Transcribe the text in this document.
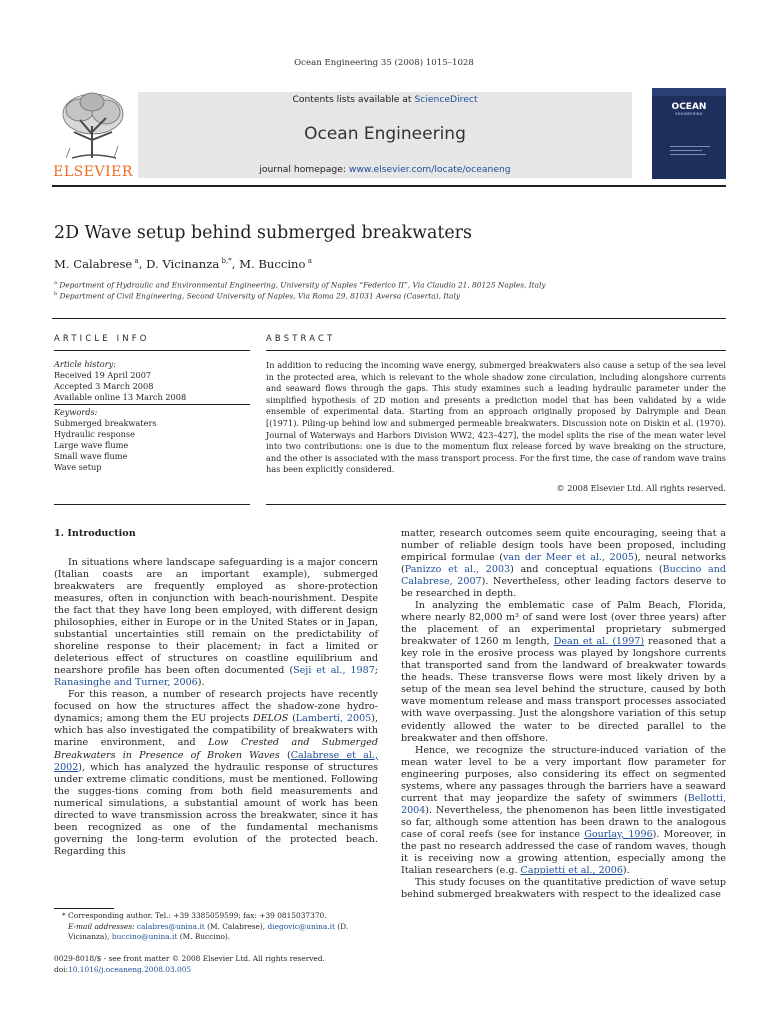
Ocean Engineering 35 (2008) 1015–1028
ELSEVIER
Contents lists available at ScienceDirect
Ocean Engineering
journal homepage: www.elsevier.com/locate/oceaneng
OCEAN
ENGINEERING
2D Wave setup behind submerged breakwaters
M. Calabrese $^a$, D. Vicinanza $^{b,*}$, M. Buccino $^a$
$^a$ Department of Hydraulic and Environmental Engineering, University of Naples “Federico II”, Via Claudio 21, 80125 Naples, Italy
$^b$ Department of Civil Engineering, Second University of Naples, Via Roma 29, 81031 Aversa (Caserta), Italy
ARTICLE INFO
Article history:
Received 19 April 2007
Accepted 3 March 2008
Available online 13 March 2008
Keywords:
Submerged breakwaters
Hydraulic response
Large wave flume
Small wave flume
Wave setup
ABSTRACT
In addition to reducing the incoming wave energy, submerged breakwaters also cause a setup of the sea level in the protected area, which is relevant to the whole shadow zone circulation, including alongshore currents and seaward flows through the gaps. This study examines such a leading hydraulic parameter under the simplified hypothesis of 2D motion and presents a prediction model that has been validated by a wide ensemble of experimental data. Starting from an approach originally proposed by Dalrymple and Dean [(1971). Piling-up behind low and submerged permeable breakwaters. Discussion note on Diskin et al. (1970). Journal of Waterways and Harbors Division WW2, 423–427], the model splits the rise of the mean water level into two contributions: one is due to the momentum flux release forced by wave breaking on the structure, and the other is associated with the mass transport process. For the first time, the case of random wave trains has been explicitly considered.
© 2008 Elsevier Ltd. All rights reserved.
1. Introduction

In situations where landscape safeguarding is a major concern (Italian coasts are an important example), submerged breakwaters are frequently employed as shore-protection measures, often in conjunction with beach-nourishment. Despite the fact that they have long been employed, with different design philosophies, either in Europe or in the United States or in Japan, substantial uncertainties still remain on the predictability of shoreline response to their placement; in fact a limited or deleterious effect of structures on coastline equilibrium and nearshore profile has been often documented (Seji et al., 1987; Ranasinghe and Turner, 2006).

For this reason, a number of research projects have recently focused on how the structures affect the shadow-zone hydro-dynamics; among them the EU projects DELOS (Lamberti, 2005), which has also investigated the compatibility of breakwaters with marine environment, and Low Crested and Submerged Breakwaters in Presence of Broken Waves (Calabrese et al., 2002), which has analyzed the hydraulic response of structures under extreme climatic conditions, must be mentioned. Following the sugges-tions coming from both field measurements and numerical simulations, a substantial amount of work has been directed to wave transmission across the breakwater, since it has been recognized as one of the fundamental mechanisms governing the long-term evolution of the protected beach. Regarding this

matter, research outcomes seem quite encouraging, seeing that a number of reliable design tools have been proposed, including empirical formulae (van der Meer et al., 2005), neural networks (Panizzo et al., 2003) and conceptual equations (Buccino and Calabrese, 2007). Nevertheless, other leading factors deserve to be researched in depth.

In analyzing the emblematic case of Palm Beach, Florida, where nearly 82,000 m³ of sand were lost (over three years) after the placement of an experimental proprietary submerged breakwater of 1260 m length, Dean et al. (1997) reasoned that a key role in the erosive process was played by longshore currents that transported sand from the landward of breakwater towards the heads. These transverse flows were most likely driven by a setup of the mean sea level behind the structure, caused by both wave momentum release and mass transport processes associated with wave overpassing. Just the alongshore variation of this setup evidently allowed the water to be directed parallel to the breakwater and then offshore.

Hence, we recognize the structure-induced variation of the mean water level to be a very important flow parameter for engineering purposes, also considering its effect on segmented systems, where any passages through the barriers have a seaward current that may jeopardize the safety of swimmers (Bellotti, 2004). Nevertheless, the phenomenon has been little investigated so far, although some attention has been drawn to the analogous case of coral reefs (see for instance Gourlay, 1996). Moreover, in the past no research addressed the case of random waves, though it is receiving now a growing attention, especially among the Italian researchers (e.g. Cappietti et al., 2006).

This study focuses on the quantitative prediction of wave setup behind submerged breakwaters with respect to the idealized case

* Corresponding author. Tel.: +39 3385059599; fax: +39 0815037370.
E-mail addresses: calabres@unina.it (M. Calabrese), diegovic@unina.it (D. Vicinanza), buccino@unina.it (M. Buccino).
0029-8018/$ - see front matter © 2008 Elsevier Ltd. All rights reserved.
doi:10.1016/j.oceaneng.2008.03.005
